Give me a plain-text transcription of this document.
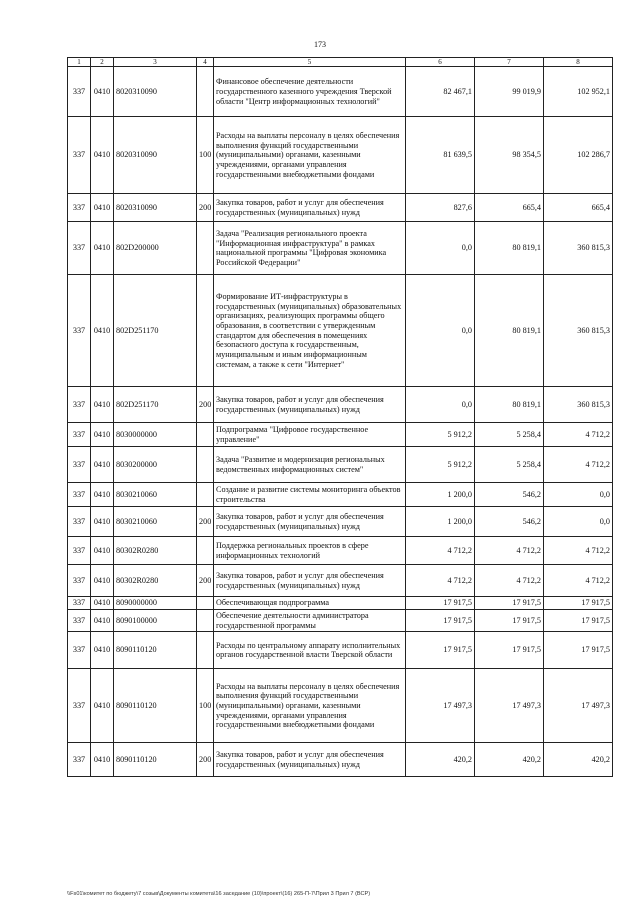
173
1	2	3	4	5	6	7	8
337	0410	8020310090		Финансовое обеспечение деятельности государственного казенного учреждения Тверской области "Центр информационных технологий"	82 467,1	99 019,9	102 952,1
337	0410	8020310090	100	Расходы на выплаты персоналу в целях обеспечения выполнения функций государственными (муниципальными) органами, казенными учреждениями, органами управления государственными внебюджетными фондами	81 639,5	98 354,5	102 286,7
337	0410	8020310090	200	Закупка товаров, работ и услуг для обеспечения государственных (муниципальных) нужд	827,6	665,4	665,4
337	0410	802D200000		Задача "Реализация регионального проекта "Информационная инфраструктура" в рамках национальной программы "Цифровая экономика Российской Федерации"	0,0	80 819,1	360 815,3
337	0410	802D251170		Формирование ИТ-инфраструктуры в государственных (муниципальных) образовательных организациях, реализующих программы общего образования, в соответствии с утвержденным стандартом для обеспечения в помещениях безопасного доступа к государственным, муниципальным и иным информационным системам, а также к сети "Интернет"	0,0	80 819,1	360 815,3
337	0410	802D251170	200	Закупка товаров, работ и услуг для обеспечения государственных (муниципальных) нужд	0,0	80 819,1	360 815,3
337	0410	8030000000		Подпрограмма "Цифровое государственное управление"	5 912,2	5 258,4	4 712,2
337	0410	8030200000		Задача "Развитие и модернизация региональных ведомственных информационных систем"	5 912,2	5 258,4	4 712,2
337	0410	8030210060		Создание и развитие системы мониторинга объектов строительства	1 200,0	546,2	0,0
337	0410	8030210060	200	Закупка товаров, работ и услуг для обеспечения государственных (муниципальных) нужд	1 200,0	546,2	0,0
337	0410	80302R0280		Поддержка региональных проектов в сфере информационных технологий	4 712,2	4 712,2	4 712,2
337	0410	80302R0280	200	Закупка товаров, работ и услуг для обеспечения государственных (муниципальных) нужд	4 712,2	4 712,2	4 712,2
337	0410	8090000000		Обеспечивающая подпрограмма	17 917,5	17 917,5	17 917,5
337	0410	8090100000		Обеспечение деятельности администратора государственной программы	17 917,5	17 917,5	17 917,5
337	0410	8090110120		Расходы по центральному аппарату исполнительных органов государственной власти Тверской области	17 917,5	17 917,5	17 917,5
337	0410	8090110120	100	Расходы на выплаты персоналу в целях обеспечения выполнения функций государственными (муниципальными) органами, казенными учреждениями, органами управления государственными внебюджетными фондами	17 497,3	17 497,3	17 497,3
337	0410	8090110120	200	Закупка товаров, работ и услуг для обеспечения государственных (муниципальных) нужд	420,2	420,2	420,2
\\Fs01\комитет по бюджету\7 созыв\Документы комитета\16 заседание (10)\проект\(16) 265-П-7\Прил 3 Прил 7 (ВСР)
